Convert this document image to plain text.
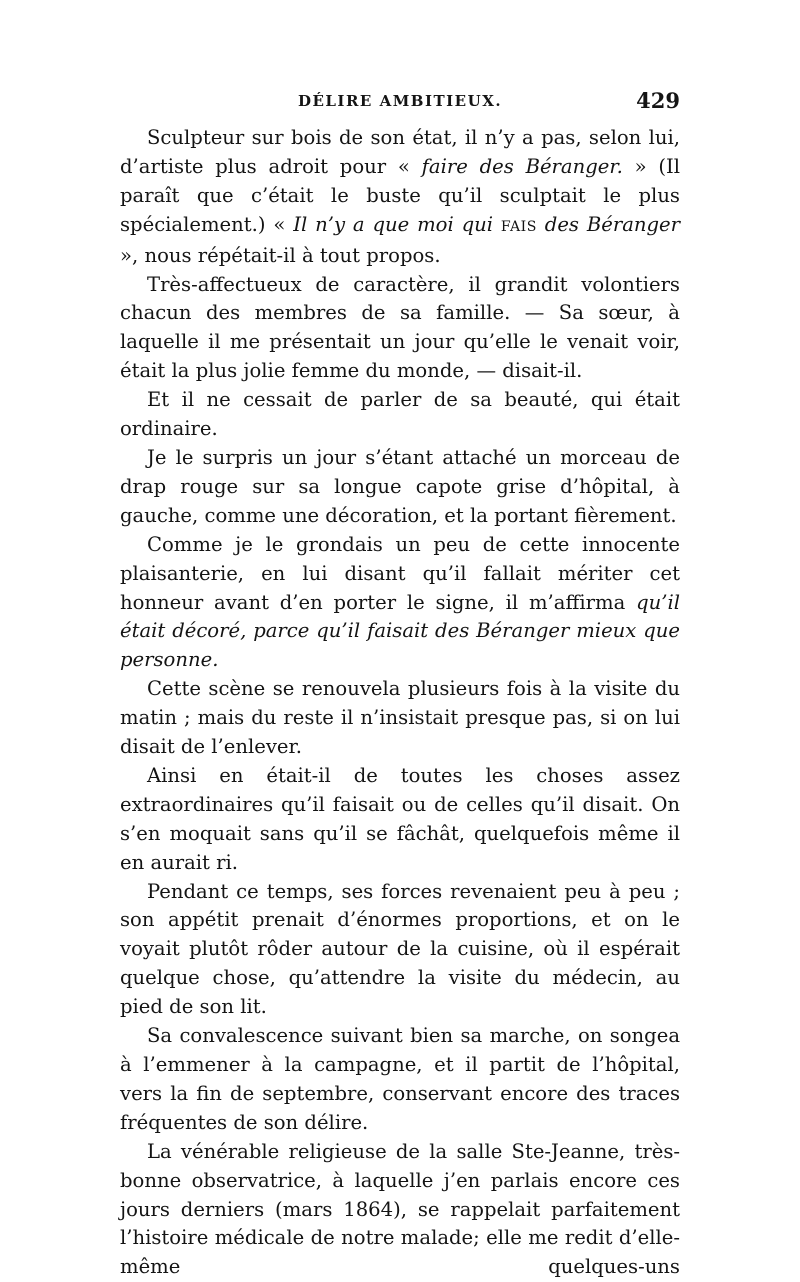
DÉLIRE AMBITIEUX.	429

Sculpteur sur bois de son état, il n’y a pas, selon lui, d’artiste plus adroit pour « faire des Béranger. » (Il paraît que c’était le buste qu’il sculptait le plus spécialement.) « Il n’y a que moi qui FAIS des Béranger », nous répétait-il à tout propos.

Très-affectueux de caractère, il grandit volontiers chacun des membres de sa famille. — Sa sœur, à laquelle il me présentait un jour qu’elle le venait voir, était la plus jolie femme du monde, — disait-il.

Et il ne cessait de parler de sa beauté, qui était ordinaire.

Je le surpris un jour s’étant attaché un morceau de drap rouge sur sa longue capote grise d’hôpital, à gauche, comme une décoration, et la portant fièrement.

Comme je le grondais un peu de cette innocente plaisanterie, en lui disant qu’il fallait mériter cet honneur avant d’en porter le signe, il m’affirma qu’il était décoré, parce qu’il faisait des Béranger mieux que personne.

Cette scène se renouvela plusieurs fois à la visite du matin ; mais du reste il n’insistait presque pas, si on lui disait de l’enlever.

Ainsi en était-il de toutes les choses assez extraordinaires qu’il faisait ou de celles qu’il disait. On s’en moquait sans qu’il se fâchât, quelquefois même il en aurait ri.

Pendant ce temps, ses forces revenaient peu à peu ; son appétit prenait d’énormes proportions, et on le voyait plutôt rôder autour de la cuisine, où il espérait quelque chose, qu’attendre la visite du médecin, au pied de son lit.

Sa convalescence suivant bien sa marche, on songea à l’emmener à la campagne, et il partit de l’hôpital, vers la fin de septembre, conservant encore des traces fréquentes de son délire.

La vénérable religieuse de la salle Ste-Jeanne, très-bonne observatrice, à laquelle j’en parlais encore ces jours derniers (mars 1864), se rappelait parfaitement l’histoire médicale de notre malade; elle me redit d’elle-même quelques-uns
